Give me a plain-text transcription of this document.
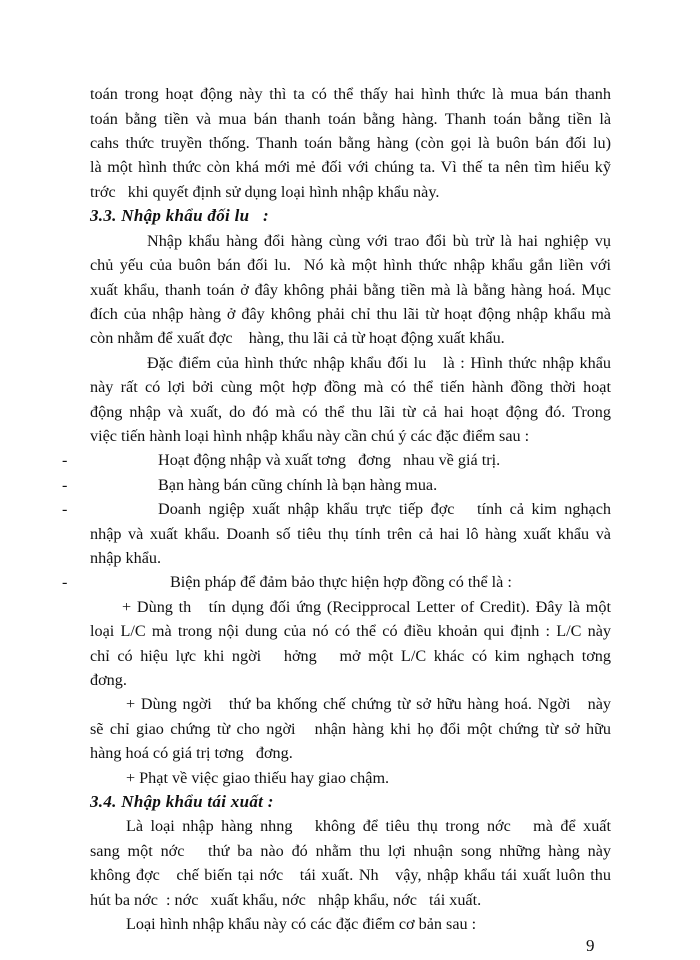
toán trong hoạt động này thì ta có thể thấy hai hình thức là mua bán thanh
toán bằng tiền và mua bán thanh toán bằng hàng. Thanh toán bằng tiền là
cahs thức truyền thống. Thanh toán bằng hàng (còn gọi là buôn bán đối lu)
là một hình thức còn khá mới mẻ đối với chúng ta. Vì thế ta nên tìm hiểu kỹ
trớc   khi quyết định sử dụng loại hình nhập khẩu này.
3.3. Nhập khẩu đối lu   :
Nhập khẩu hàng đổi hàng cùng với trao đổi bù trừ là hai nghiệp vụ
chủ yếu của buôn bán đối lu.  Nó kà một hình thức nhập khẩu gắn liền với
xuất khẩu, thanh toán ở đây không phải bằng tiền mà là bằng hàng hoá. Mục
đích của nhập hàng ở đây không phải chỉ thu lãi từ hoạt động nhập khẩu mà
còn nhằm để xuất đợc    hàng, thu lãi cả từ hoạt động xuất khẩu.
Đặc điểm của hình thức nhập khẩu đối lu   là : Hình thức nhập khẩu
này rất có lợi bởi cùng một hợp đồng mà có thể tiến hành đồng thời hoạt
động nhập và xuất, do đó mà có thể thu lãi từ cả hai hoạt động đó. Trong
việc tiến hành loại hình nhập khẩu này cần chú ý các đặc điểm sau :
-	Hoạt động nhập và xuất tơng   đơng   nhau về giá trị.
-	Bạn hàng bán cũng chính là bạn hàng mua.
-	Doanh ngiệp xuất nhập khẩu trực tiếp đợc   tính cả kim nghạch
nhập và xuất khẩu. Doanh số tiêu thụ tính trên cả hai lô hàng xuất khẩu và
nhập khẩu.
-	Biện pháp để đảm bảo thực hiện hợp đồng có thể là :
+ Dùng th   tín dụng đối ứng (Recipprocal Letter of Credit). Đây là một
loại L/C mà trong nội dung của nó có thể có điều khoản qui định : L/C này
chỉ có hiệu lực khi ngời   hởng   mở một L/C khác có kim nghạch tơng
đơng.
+ Dùng ngời   thứ ba khống chế chứng từ sở hữu hàng hoá. Ngời   này
sẽ chỉ giao chứng từ cho ngời   nhận hàng khi họ đổi một chứng từ sở hữu
hàng hoá có giá trị tơng   đơng.
+ Phạt về việc giao thiếu hay giao chậm.
3.4. Nhập khẩu tái xuất :
Là loại nhập hàng nhng   không để tiêu thụ trong nớc   mà để xuất
sang một nớc   thứ ba nào đó nhằm thu lợi nhuận song những hàng này
không đợc   chế biến tại nớc   tái xuất. Nh   vậy, nhập khẩu tái xuất luôn thu
hút ba nớc  : nớc   xuất khẩu, nớc   nhập khẩu, nớc   tái xuất.
Loại hình nhập khẩu này có các đặc điểm cơ bản sau :
9
